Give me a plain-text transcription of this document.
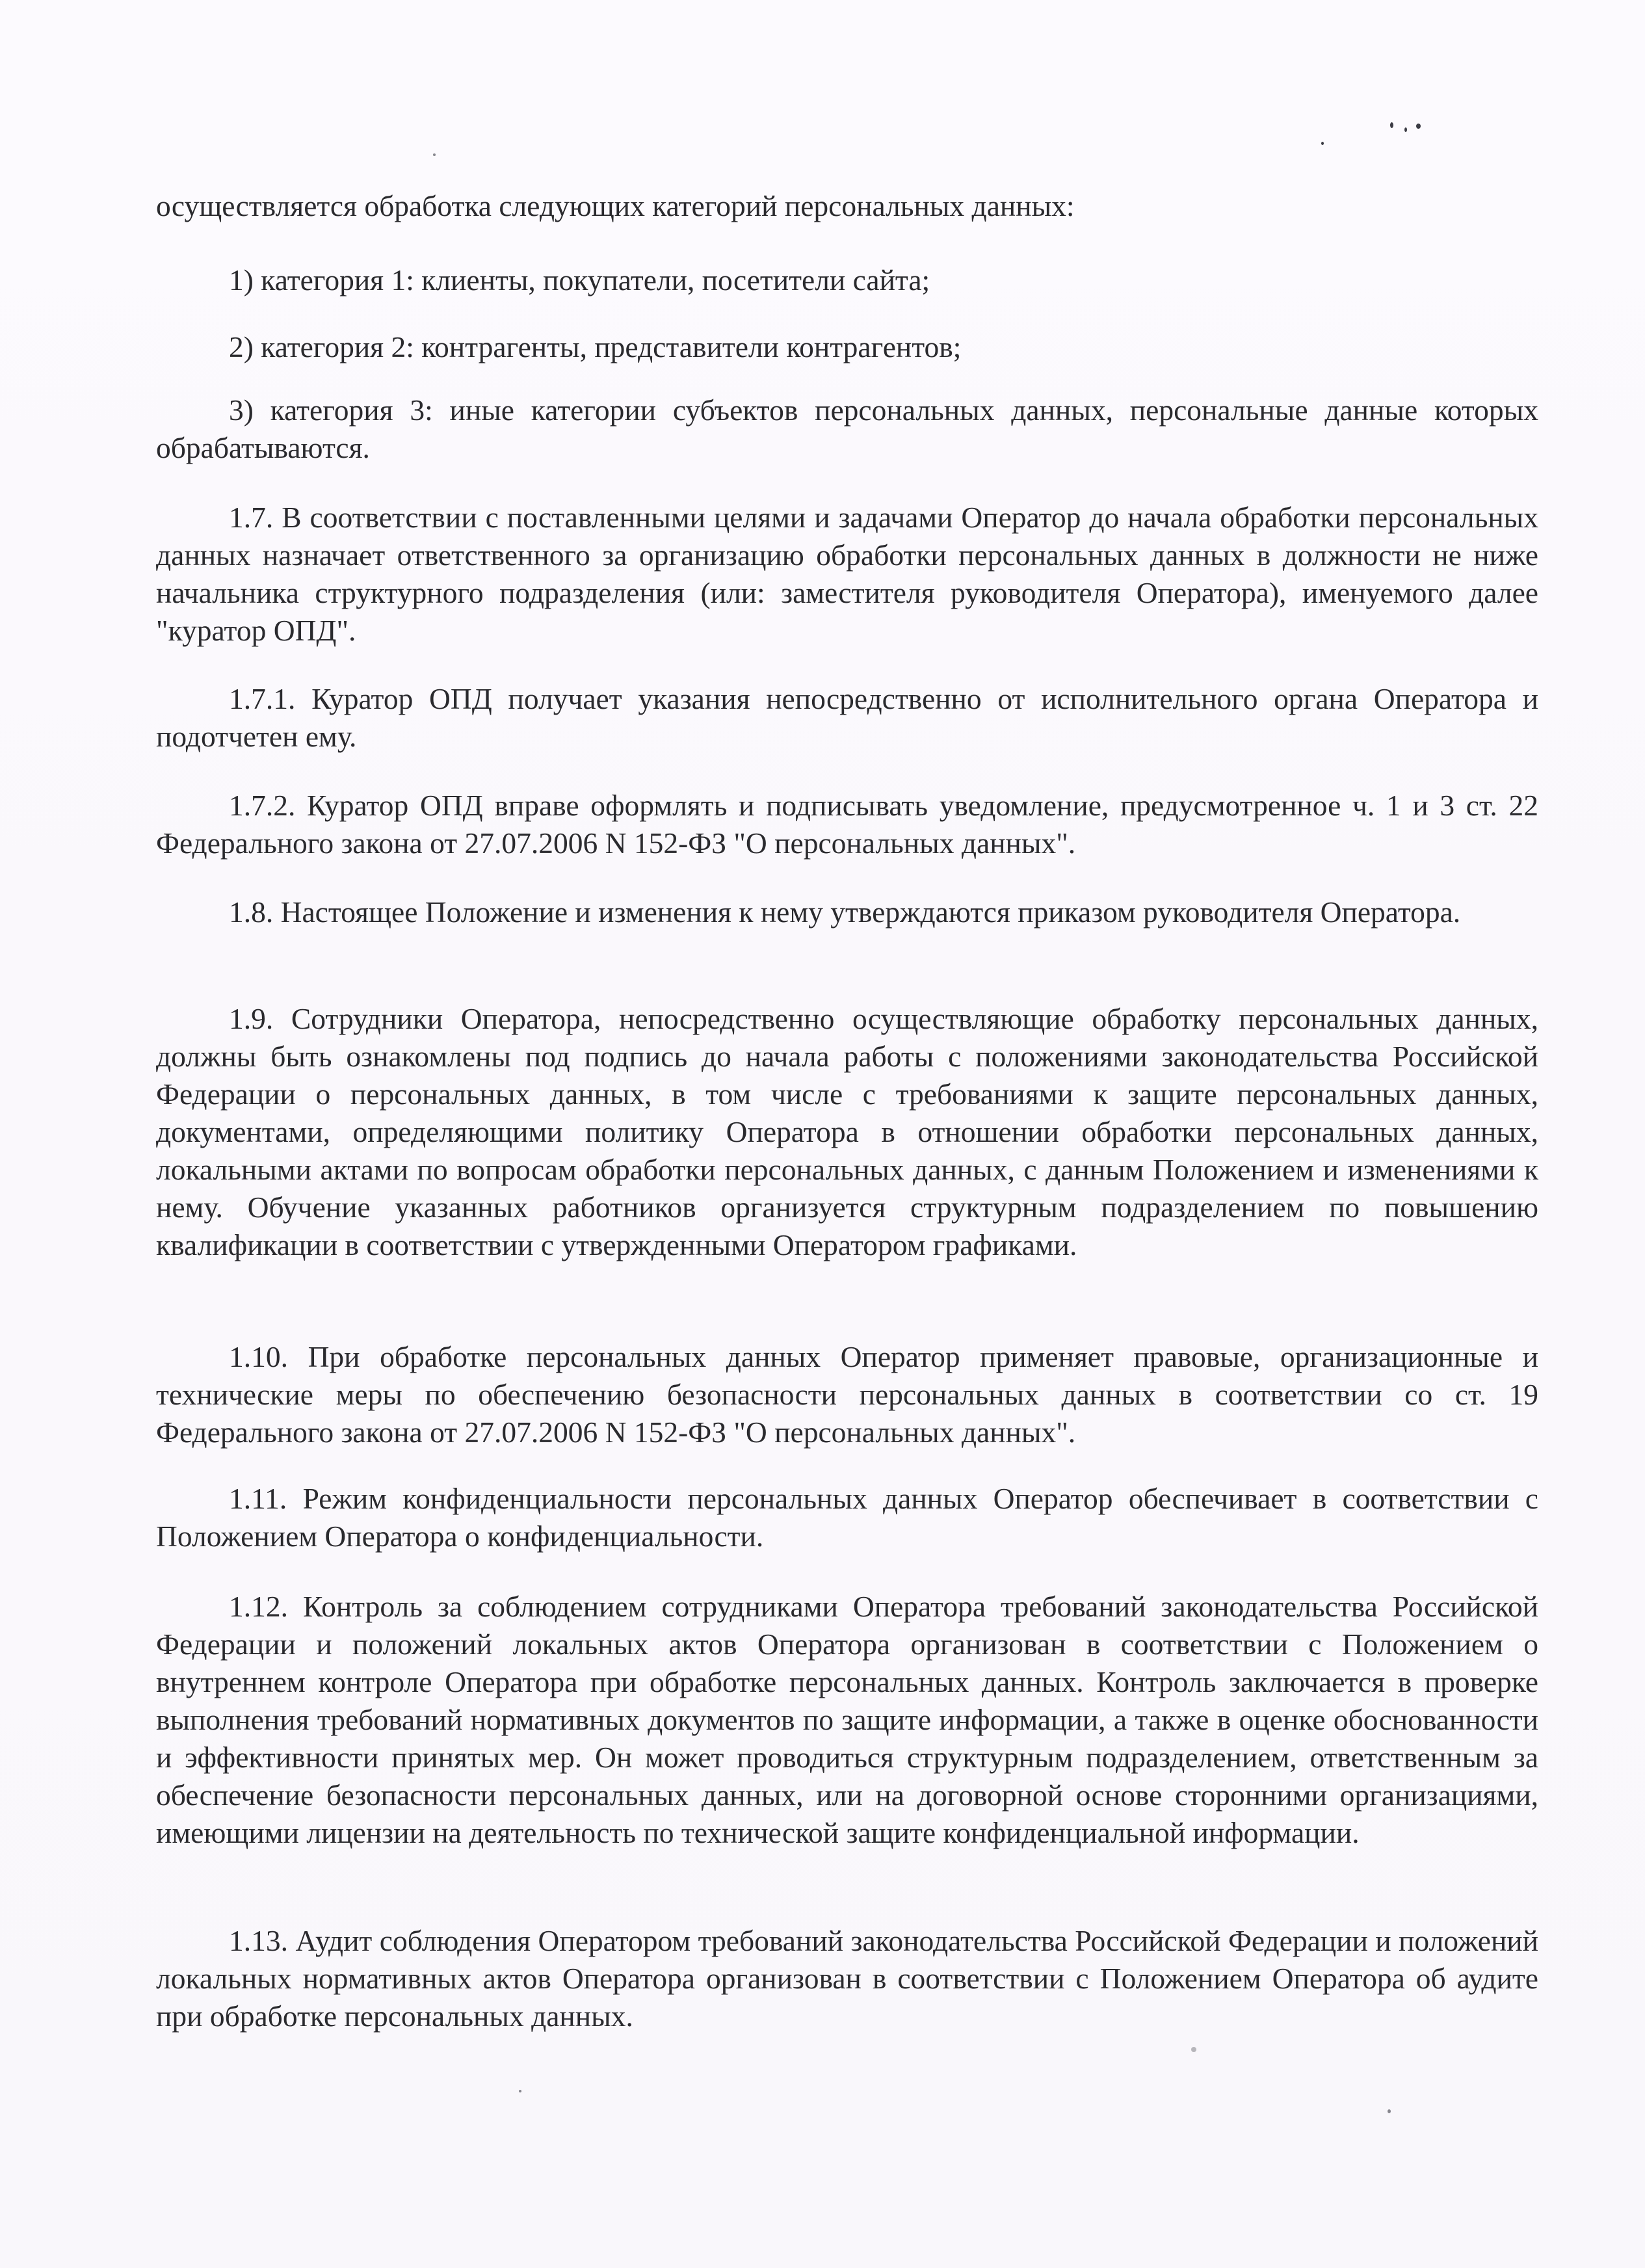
осуществляется обработка следующих категорий персональных данных:

1) категория 1: клиенты, покупатели, посетители сайта;

2) категория 2: контрагенты, представители контрагентов;

3) категория 3: иные категории субъектов персональных данных, персональные данные которых обрабатываются.

1.7. В соответствии с поставленными целями и задачами Оператор до начала обработки персональных данных назначает ответственного за организацию обработки персональных данных в должности не ниже начальника структурного подразделения (или: заместителя руководителя Оператора), именуемого далее "куратор ОПД".

1.7.1. Куратор ОПД получает указания непосредственно от исполнительного органа Оператора и подотчетен ему.

1.7.2. Куратор ОПД вправе оформлять и подписывать уведомление, предусмотренное ч. 1 и 3 ст. 22 Федерального закона от 27.07.2006 N 152-ФЗ "О персональных данных".

1.8. Настоящее Положение и изменения к нему утверждаются приказом руководителя Оператора.

1.9. Сотрудники Оператора, непосредственно осуществляющие обработку персональных данных, должны быть ознакомлены под подпись до начала работы с положениями законодательства Российской Федерации о персональных данных, в том числе с требованиями к защите персональных данных, документами, определяющими политику Оператора в отношении обработки персональных данных, локальными актами по вопросам обработки персональных данных, с данным Положением и изменениями к нему. Обучение указанных работников организуется структурным подразделением по повышению квалификации в соответствии с утвержденными Оператором графиками.

1.10. При обработке персональных данных Оператор применяет правовые, организационные и технические меры по обеспечению безопасности персональных данных в соответствии со ст. 19 Федерального закона от 27.07.2006 N 152-ФЗ "О персональных данных".

1.11. Режим конфиденциальности персональных данных Оператор обеспечивает в соответствии с Положением Оператора о конфиденциальности.

1.12. Контроль за соблюдением сотрудниками Оператора требований законодательства Российской Федерации и положений локальных актов Оператора организован в соответствии с Положением о внутреннем контроле Оператора при обработке персональных данных. Контроль заключается в проверке выполнения требований нормативных документов по защите информации, а также в оценке обоснованности и эффективности принятых мер. Он может проводиться структурным подразделением, ответственным за обеспечение безопасности персональных данных, или на договорной основе сторонними организациями, имеющими лицензии на деятельность по технической защите конфиденциальной информации.

1.13. Аудит соблюдения Оператором требований законодательства Российской Федерации и положений локальных нормативных актов Оператора организован в соответствии с Положением Оператора об аудите при обработке персональных данных.
